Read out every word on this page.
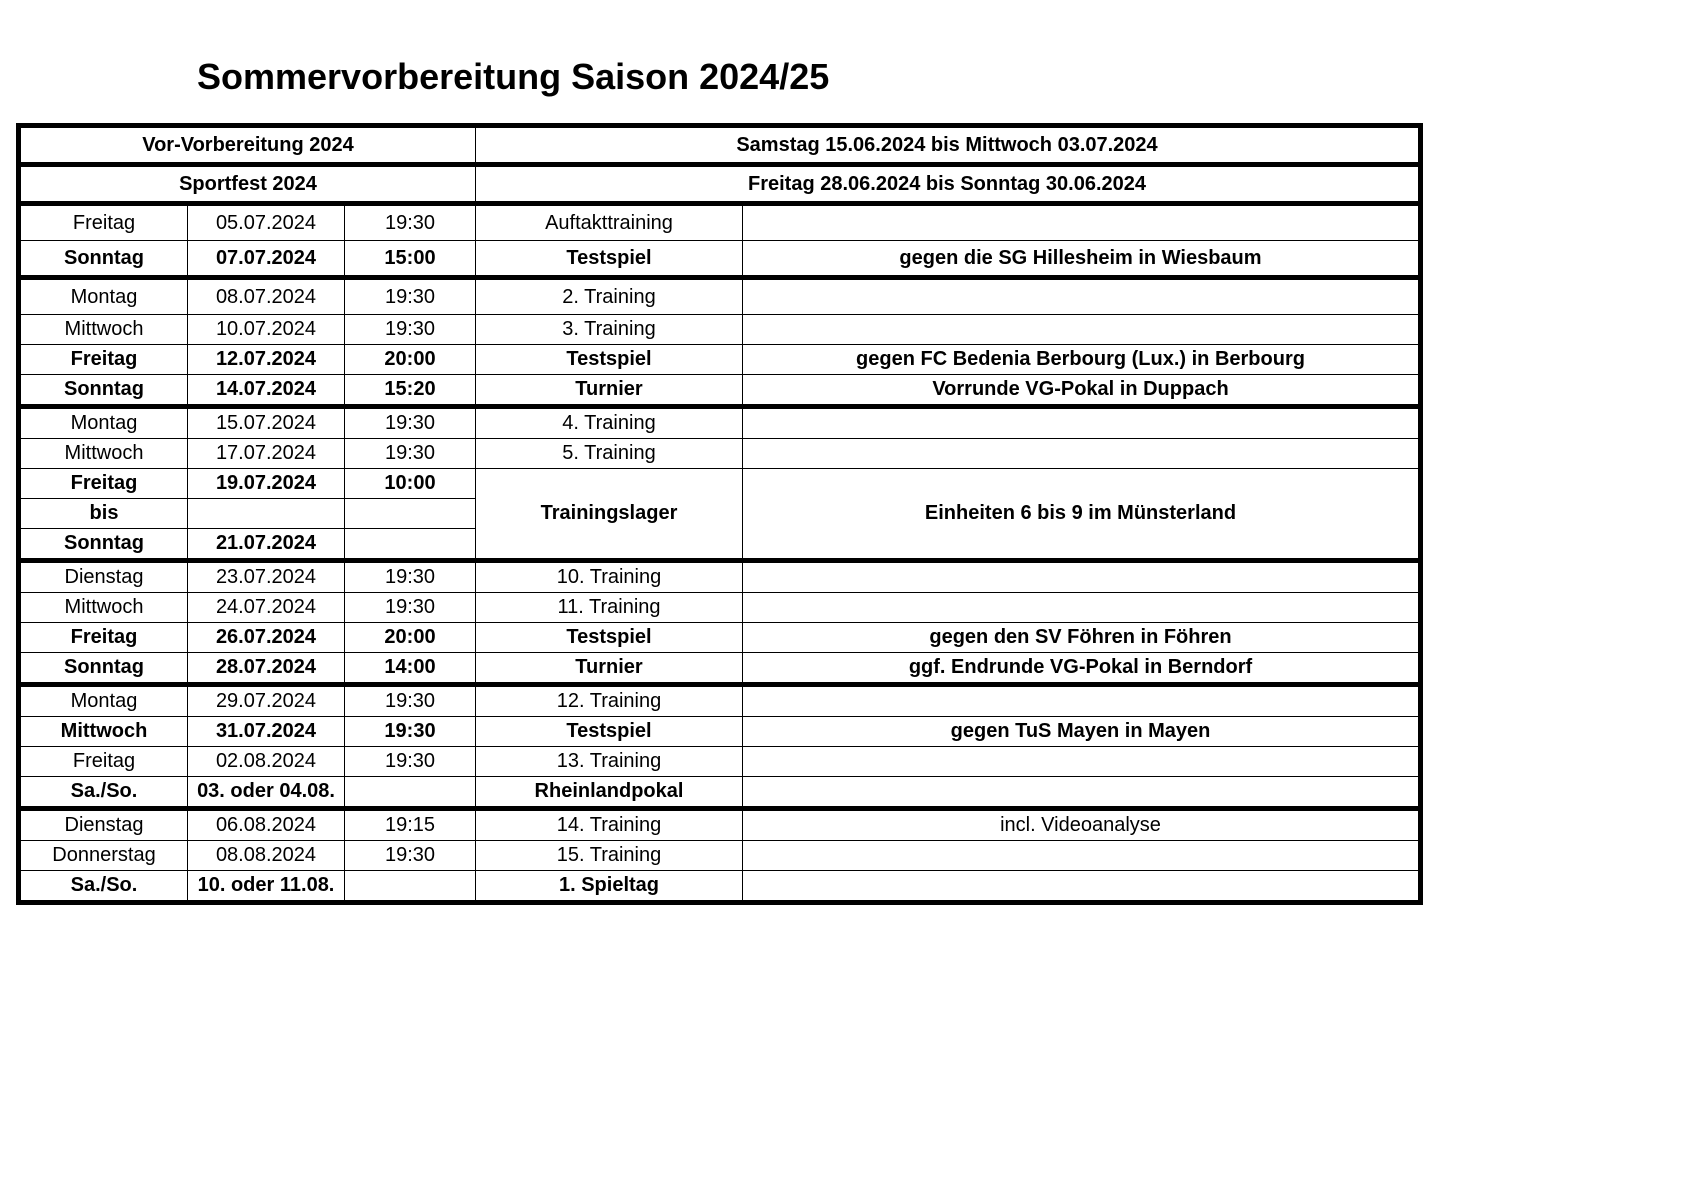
Sommervorbereitung Saison 2024/25
Vor-Vorbereitung 2024			Samstag 15.06.2024 bis Mittwoch 03.07.2024	
Sportfest 2024			Freitag 28.06.2024 bis Sonntag 30.06.2024	
Freitag	05.07.2024	19:30	Auftakttraining	
Sonntag	07.07.2024	15:00	Testspiel	gegen die SG Hillesheim in Wiesbaum
Montag	08.07.2024	19:30	2. Training	
Mittwoch	10.07.2024	19:30	3. Training	
Freitag	12.07.2024	20:00	Testspiel	gegen FC Bedenia Berbourg (Lux.) in Berbourg
Sonntag	14.07.2024	15:20	Turnier	Vorrunde VG-Pokal in Duppach
Montag	15.07.2024	19:30	4. Training	
Mittwoch	17.07.2024	19:30	5. Training	
Freitag	19.07.2024	10:00	Trainingslager	Einheiten 6 bis 9 im Münsterland
bis				
Sonntag	21.07.2024			
Dienstag	23.07.2024	19:30	10. Training	
Mittwoch	24.07.2024	19:30	11. Training	
Freitag	26.07.2024	20:00	Testspiel	gegen den SV Föhren in Föhren
Sonntag	28.07.2024	14:00	Turnier	ggf. Endrunde VG-Pokal in Berndorf
Montag	29.07.2024	19:30	12. Training	
Mittwoch	31.07.2024	19:30	Testspiel	gegen TuS Mayen in Mayen
Freitag	02.08.2024	19:30	13. Training	
Sa./So.	03. oder 04.08.		Rheinlandpokal	
Dienstag	06.08.2024	19:15	14. Training	incl. Videoanalyse
Donnerstag	08.08.2024	19:30	15. Training	
Sa./So.	10. oder 11.08.		1. Spieltag	
